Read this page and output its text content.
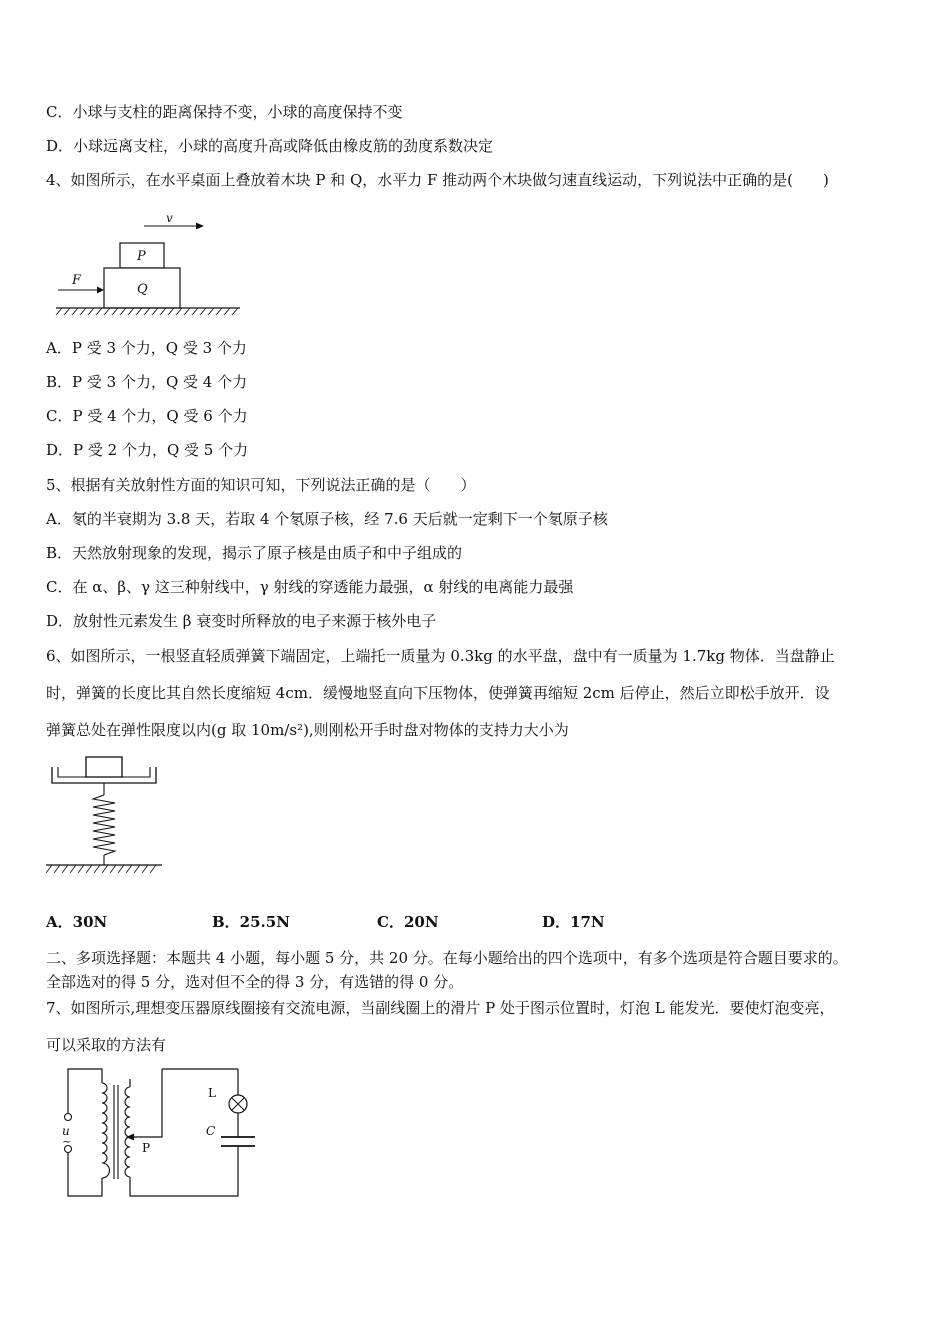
C．小球与支柱的距离保持不变，小球的高度保持不变
D．小球远离支柱，小球的高度升高或降低由橡皮筋的劲度系数决定
4、如图所示，在水平桌面上叠放着木块 P 和 Q，水平力 F 推动两个木块做匀速直线运动，下列说法中正确的是(　　)
v
P
Q
F
A．P 受 3 个力，Q 受 3 个力
B．P 受 3 个力，Q 受 4 个力
C．P 受 4 个力，Q 受 6 个力
D．P 受 2 个力，Q 受 5 个力
5、根据有关放射性方面的知识可知，下列说法正确的是（　　）
A．氡的半衰期为 3.8 天，若取 4 个氡原子核，经 7.6 天后就一定剩下一个氡原子核
B．天然放射现象的发现，揭示了原子核是由质子和中子组成的
C．在 α、β、γ 这三种射线中，γ 射线的穿透能力最强，α 射线的电离能力最强
D．放射性元素发生 β 衰变时所释放的电子来源于核外电子
6、如图所示，一根竖直轻质弹簧下端固定，上端托一质量为 0.3kg 的水平盘，盘中有一质量为 1.7kg 物体．当盘静止
时，弹簧的长度比其自然长度缩短 4cm．缓慢地竖直向下压物体，使弹簧再缩短 2cm 后停止，然后立即松手放开．设
弹簧总处在弹性限度以内(g 取 10m/s²),则刚松开手时盘对物体的支持力大小为
A．30N	B．25.5N	C．20N	D．17N
二、多项选择题：本题共 4 小题，每小题 5 分，共 20 分。在每小题给出的四个选项中，有多个选项是符合题目要求的。
全部选对的得 5 分，选对但不全的得 3 分，有选错的得 0 分。
7、如图所示,理想变压器原线圈接有交流电源，当副线圈上的滑片 P 处于图示位置时，灯泡 L 能发光．要使灯泡变亮，
可以采取的方法有
u
~	P
L
C
